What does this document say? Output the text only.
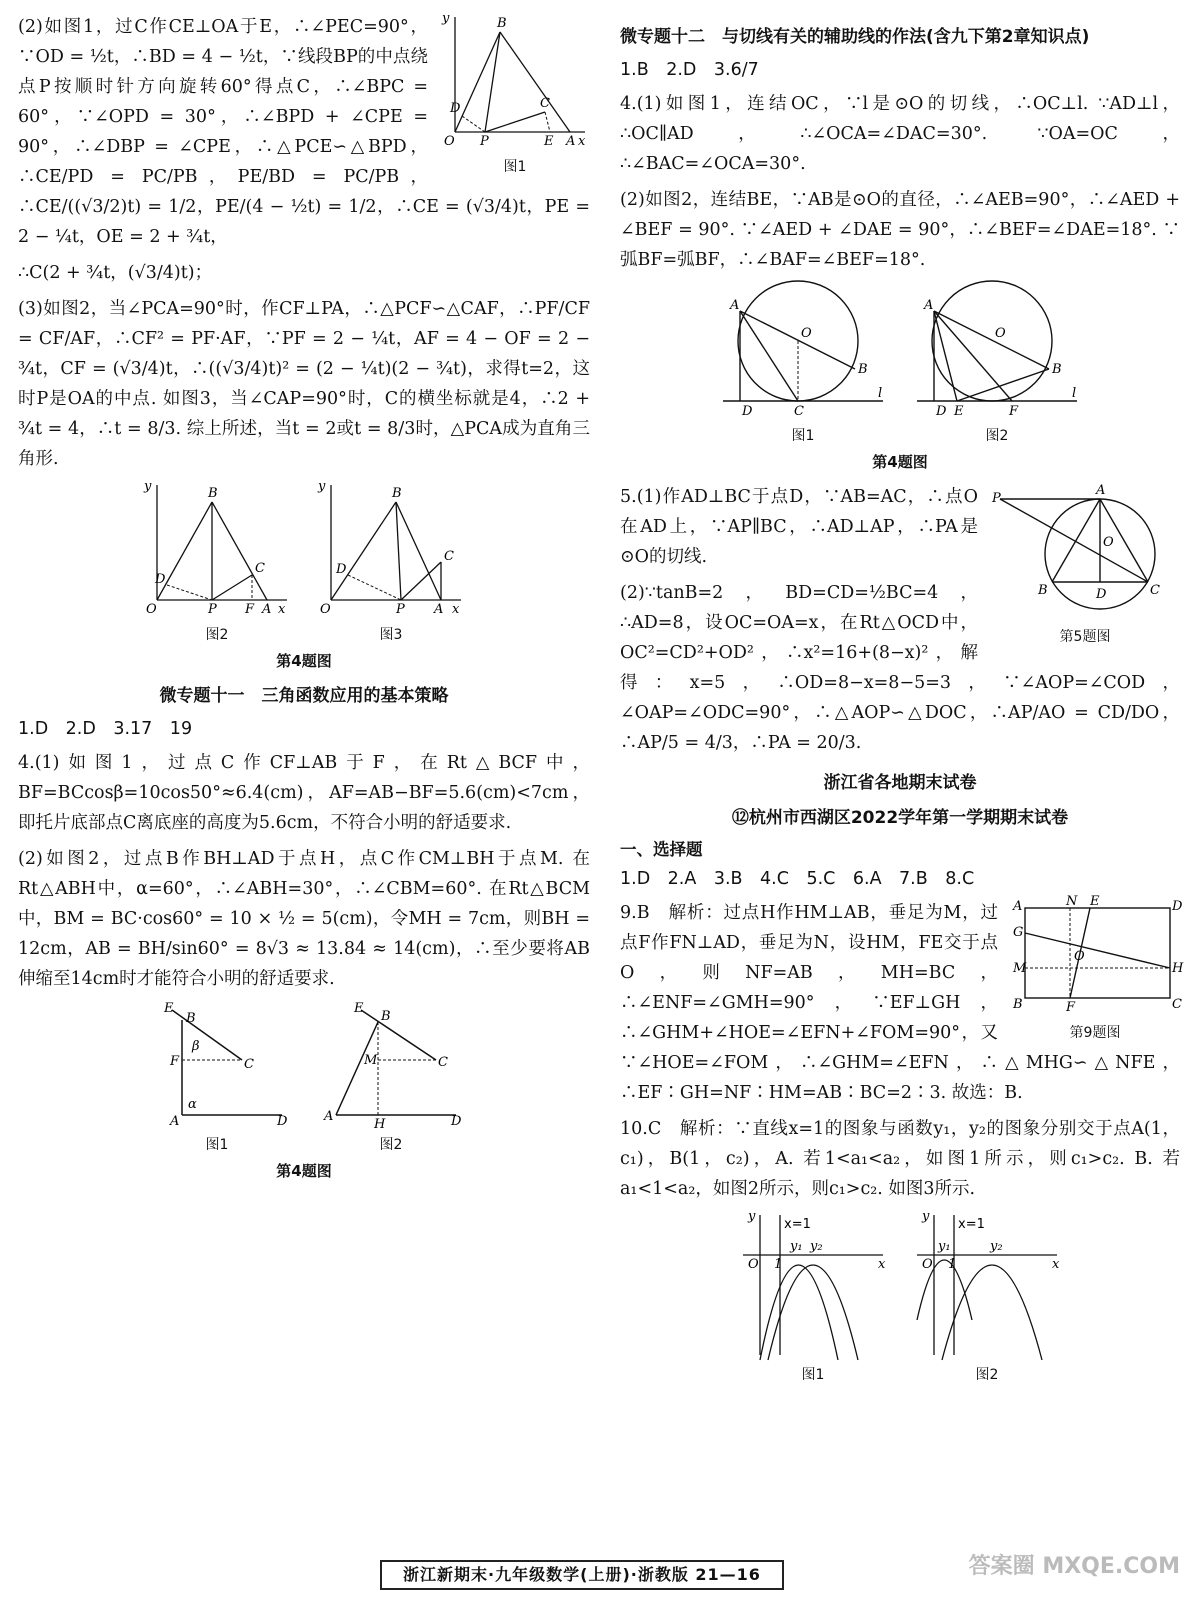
O
B
D
P
C
E A x
y
图1

(2)如图1，过C作CE⊥OA于E，∴∠PEC=90°，∵OD = ½t，∴BD = 4 − ½t，∵线段BP的中点绕点P按顺时针方向旋转60°得点C，∴∠BPC = 60°，∵∠OPD = 30°，∴∠BPD + ∠CPE = 90°，∴∠DBP = ∠CPE，∴△PCE∽△BPD，∴CE/PD = PC/PB，PE/BD = PC/PB，∴CE/((√3/2)t) = 1/2，PE/(4 − ½t) = 1/2，∴CE = (√3/4)t，PE = 2 − ¼t，OE = 2 + ¾t，

∴C(2 + ¾t，(√3/4)t)；

(3)如图2，当∠PCA=90°时，作CF⊥PA，∴△PCF∽△CAF，∴PF/CF = CF/AF，∴CF² = PF·AF，∵PF = 2 − ¼t，AF = 4 − OF = 2 − ¾t，CF = (√3/4)t，∴((√3/4)t)² = (2 − ¼t)(2 − ¾t)，求得t=2，这时P是OA的中点. 如图3，当∠CAP=90°时，C的横坐标就是4，∴2 + ¾t = 4，∴t = 8/3. 综上所述，当t = 2或t = 8/3时，△PCA成为直角三角形.

O
B
D
P
C
F A x
y
图2
O
B
D
P
C
A x
y
图3
第4题图
微专题十一　三角函数应用的基本策略

1.D　2.D　3.17　19

4.(1)如图1，过点C作CF⊥AB于F，在Rt△BCF中，BF=BCcosβ=10cos50°≈6.4(cm)，AF=AB−BF=5.6(cm)<7cm，即托片底部点C离底座的高度为5.6cm，不符合小明的舒适要求.

(2)如图2，过点B作BH⊥AD于点H，点C作CM⊥BH于点M. 在Rt△ABH中，α=60°，∴∠ABH=30°，∴∠CBM=60°. 在Rt△BCM中，BM = BC·cos60° = 10 × ½ = 5(cm)，令MH = 7cm，则BH = 12cm，AB = BH/sin60° = 8√3 ≈ 13.84 ≈ 14(cm)，∴至少要将AB伸缩至14cm时才能符合小明的舒适要求.

E
B
F	C
A	D
β
α
图1
E
B
M	C
A
H	D
图2
第4题图
微专题十二　与切线有关的辅助线的作法(含九下第2章知识点)

1.B　2.D　3.6/7

4.(1)如图1，连结OC，∵l是⊙O的切线，∴OC⊥l. ∵AD⊥l，∴OC∥AD，∴∠OCA=∠DAC=30°. ∵OA=OC，∴∠BAC=∠OCA=30°.

(2)如图2，连结BE，∵AB是⊙O的直径，∴∠AEB=90°，∴∠AED + ∠BEF = 90°. ∵∠AED + ∠DAE = 90°，∴∠BEF=∠DAE=18°. ∵弧BF=弧BF，∴∠BAF=∠BEF=18°.

A
O
B
D	C
l
图1
A
O
B
D E	F
l
图2
第4题图
P
A
O
B	D	C
第5题图

5.(1)作AD⊥BC于点D，∵AB=AC，∴点O在AD上，∵AP∥BC，∴AD⊥AP，∴PA是⊙O的切线.

(2)∵tanB=2，BD=CD=½BC=4，∴AD=8，设OC=OA=x，在Rt△OCD中，OC²=CD²+OD²，∴x²=16+(8−x)²，解得：x=5，∴OD=8−x=8−5=3，∵∠AOP=∠COD，∠OAP=∠ODC=90°，∴△AOP∽△DOC，∴AP/AO = CD/DO，∴AP/5 = 4/3，∴PA = 20/3.

浙江省各地期末试卷
⑫杭州市西湖区2022学年第一学期期末试卷
一、选择题

1.D　2.A　3.B　4.C　5.C　6.A　7.B　8.C

A	N E	D
G
M	H
B	F	C
O
第9题图

9.B　解析：过点H作HM⊥AB，垂足为M，过点F作FN⊥AD，垂足为N，设HM，FE交于点O，则NF=AB，MH=BC，∴∠ENF=∠GMH=90°，∵EF⊥GH，∴∠GHM+∠HOE=∠EFN+∠FOM=90°，又∵∠HOE=∠FOM，∴∠GHM=∠EFN，∴△MHG∽△NFE，∴EF∶GH=NF∶HM=AB∶BC=2∶3. 故选：B.

10.C　解析：∵直线x=1的图象与函数y₁，y₂的图象分别交于点A(1，c₁)，B(1，c₂)，A. 若1<a₁<a₂，如图1所示，则c₁>c₂. B. 若a₁<1<a₂，如图2所示，则c₁>c₂. 如图3所示.

O 1	x
y
x=1
y₁ y₂
图1
O 1	x
y
x=1
y₁	y₂
图2
浙江新期末·九年级数学(上册)·浙教版 21—16	答案圈 MXQE.COM
